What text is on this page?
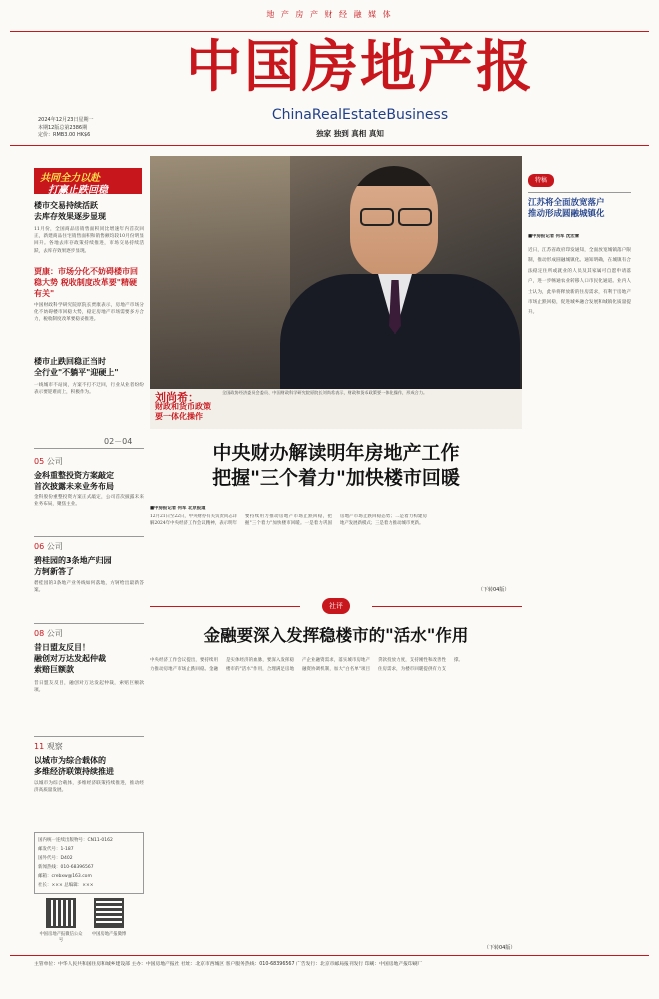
地 产 房 产 财 经 融 媒 体
中国房地产报
ChinaRealEstateBusiness
独家 独到 真相 真知
2024年12月23日星期一
本期12版总第2386期
定价：RMB3.00 HK$6
共同全力以赴
打赢止跌回稳
楼市交易持续活跃
去库存效果逐步显现
11月份，全国商品房销售面积同比增速年内首次回正，新建商品住宅销售面积和销售额均较10月份明显回升。各地去库存政策持续推进，市场交易持续活跃，去库存效果逐步显现。
贾康：市场分化不妨碍楼市回稳大势 税收制度改革要"精硬有关"
中国财政科学研究院原院长贾康表示，房地产市场分化不妨碍楼市回稳大势，稳定房地产市场需要多方合力，税收制度改革要稳妥推进。
楼市止跌回稳正当时
全行业"不躺平"迎硬上"
一线城市不站岗，方案不打不迂回，行业从业者纷纷表示要迎难而上，积极作为。
02－04
05 公司
金科重整投资方案敲定
首次披露未来业务布局
金科股份重整投资方案正式敲定，公司首次披露未来业务布局，聚焦主业。
06 公司
碧桂园的3条地产归园
方轲新答了
碧桂园的3条地产业务线如何落地，方轲给出最新答案。
08 公司
昔日盟友反目！
融创对万达发起仲裁
索赔巨额款
昔日盟友反目，融创对万达发起仲裁，索赔巨额款项。
11 观察
以城市为综合载体的
多维经济联策持续推进
以城市为综合载体，多维经济联策持续推进，推动经济高质量发展。
国内统一连续出版物号：CN11-0162
邮发代号：1-187
国外代号：D402
新闻热线：010-68396567
邮箱：crebxw@163.com
社长：××× 总编辑：×××
中国房地产报微信公众号
中国房地产报微博
刘尚希：
财政和货币政策
要一体化操作
全国政协经济委员会委员、中国财政科学研究院原院长刘尚希表示，财政和货币政策要一体化操作，形成合力。
中央财办解读明年房地产工作
把握"三个着力"加快楼市回暖
■中房报记者 何军 北京报道
12月21日至22日，中央财办有关负责同志详解2024年中央经济工作会议精神，表示明年要持续用力推动房地产市场止跌回稳，把握"三个着力"加快楼市回暖。一是着力巩固房地产市场止跌回稳态势；二是着力构建房地产发展新模式；三是着力推动城市更新。
（下转04版）
社评
金融要深入发挥稳楼市的"活水"作用
中央经济工作会议提出，要持续用力推动房地产市场止跌回稳。金融是实体经济的血脉，要深入发挥稳楼市的"活水"作用，合理满足房地产企业融资需求，落实城市房地产融资协调机制，加大"白名单"项目贷款投放力度，支持刚性和改善性住房需求，为楼市回暖提供有力支撑。
（下转04版）
特稿
江苏将全面放宽落户
推动形成圆融城镇化
■中房报记者 何军 沈宏蕾
近日，江苏省政府印发通知，全面放宽城镇落户限制，推动形成圆融城镇化。通知明确，在城镇有合法稳定住所或就业的人员及其家属可自愿申请落户，进一步畅通农业转移人口市民化通道。业内人士认为，此举将释放新的住房需求，有利于房地产市场止跌回稳，促进城乡融合发展和城镇化质量提升。
主管单位：中华人民共和国住房和城乡建设部 主办：中国房地产报社 社址：北京市西城区 客户服务热线：010-68396567 广告发行：北京市邮局报刊发行 印刷：中国房地产报印刷厂
